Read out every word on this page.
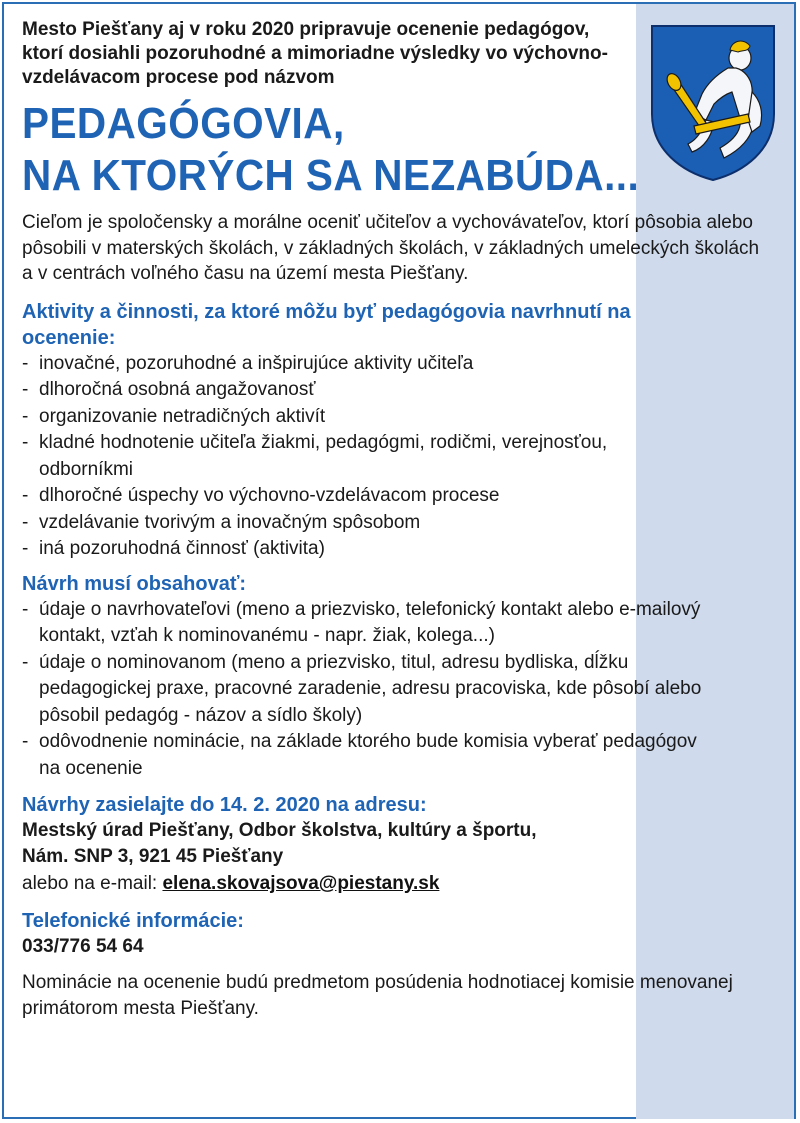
Mesto Piešťany aj v roku 2020 pripravuje ocenenie pedagógov, ktorí dosiahli pozoruhodné a mimoriadne výsledky vo výchovno-vzdelávacom procese pod názvom

PEDAGÓGOVIA,
NA KTORÝCH SA NEZABÚDA...

Cieľom je spoločensky a morálne oceniť učiteľov a vychovávateľov, ktorí pôsobia alebo pôsobili v materských školách, v základných školách, v základných umeleckých školách a v centrách voľného času na území mesta Piešťany.

Aktivity a činnosti, za ktoré môžu byť pedagógovia navrhnutí na ocenenie:
- inovačné, pozoruhodné a inšpirujúce aktivity učiteľa
- dlhoročná osobná angažovanosť
- organizovanie netradičných aktivít
- kladné hodnotenie učiteľa žiakmi, pedagógmi, rodičmi, verejnosťou, odborníkmi
- dlhoročné úspechy vo výchovno-vzdelávacom procese
- vzdelávanie tvorivým a inovačným spôsobom
- iná pozoruhodná činnosť (aktivita)
Návrh musí obsahovať:
- údaje o navrhovateľovi (meno a priezvisko, telefonický kontakt alebo e-mailový kontakt, vzťah k nominovanému - napr. žiak, kolega...)
- údaje o nominovanom (meno a priezvisko, titul, adresu bydliska, dĺžku pedagogickej praxe, pracovné zaradenie, adresu pracoviska, kde pôsobí alebo pôsobil pedagóg - názov a sídlo školy)
- odôvodnenie nominácie, na základe ktorého bude komisia vyberať pedagógov na ocenenie
Návrhy zasielajte do 14. 2. 2020 na adresu:

Mestský úrad Piešťany, Odbor školstva, kultúry a športu,

Nám. SNP 3, 921 45 Piešťany

alebo na e-mail: elena.skovajsova@piestany.sk

Telefonické informácie:

033/776 54 64

Nominácie na ocenenie budú predmetom posúdenia hodnotiacej komisie menovanej primátorom mesta Piešťany.
